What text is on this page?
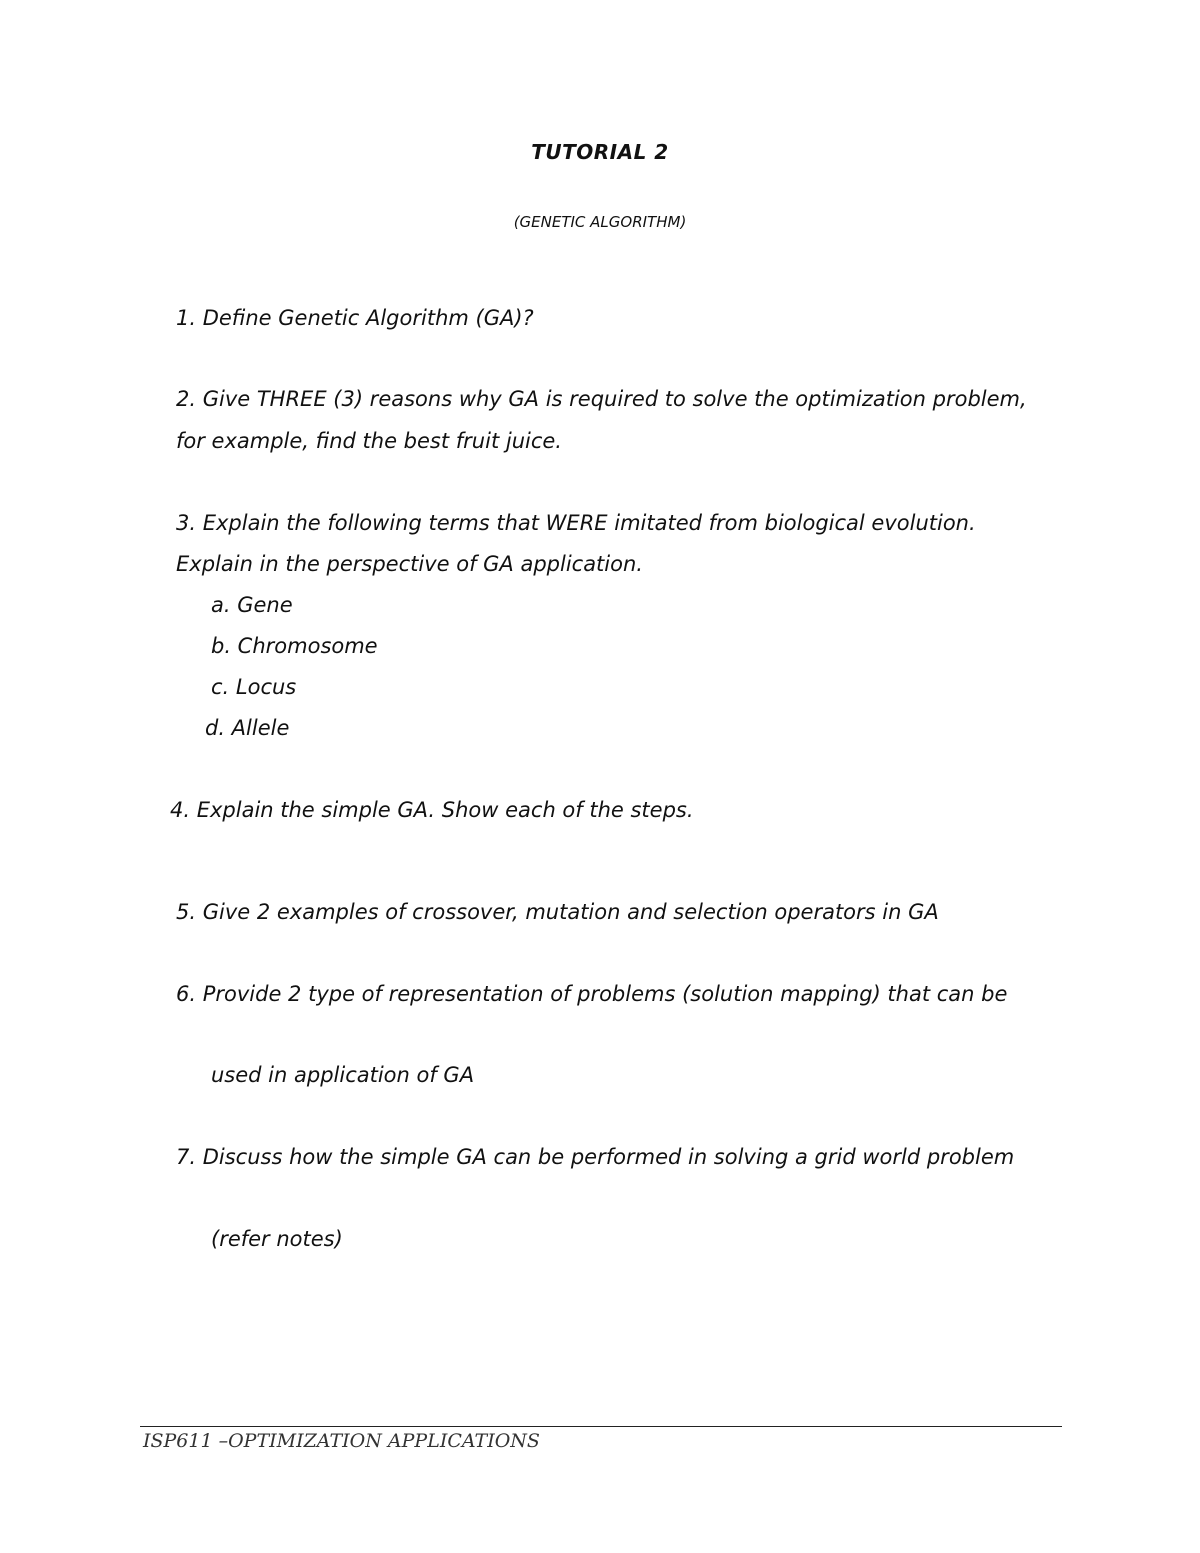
TUTORIAL 2
(GENETIC ALGORITHM)
1. Define Genetic Algorithm (GA)?
2. Give THREE (3) reasons why GA is required to solve the optimization problem,
for example, find the best fruit juice.
3. Explain the following terms that WERE imitated from biological evolution.
Explain in the perspective of GA application.
a. Gene
b. Chromosome
c. Locus
d. Allele
4. Explain the simple GA. Show each of the steps.
5. Give 2 examples of crossover, mutation and selection operators in GA
6. Provide 2 type of representation of problems (solution mapping) that can be
used in application of GA
7. Discuss how the simple GA can be performed in solving a grid world problem
(refer notes)
ISP611 –OPTIMIZATION APPLICATIONS
